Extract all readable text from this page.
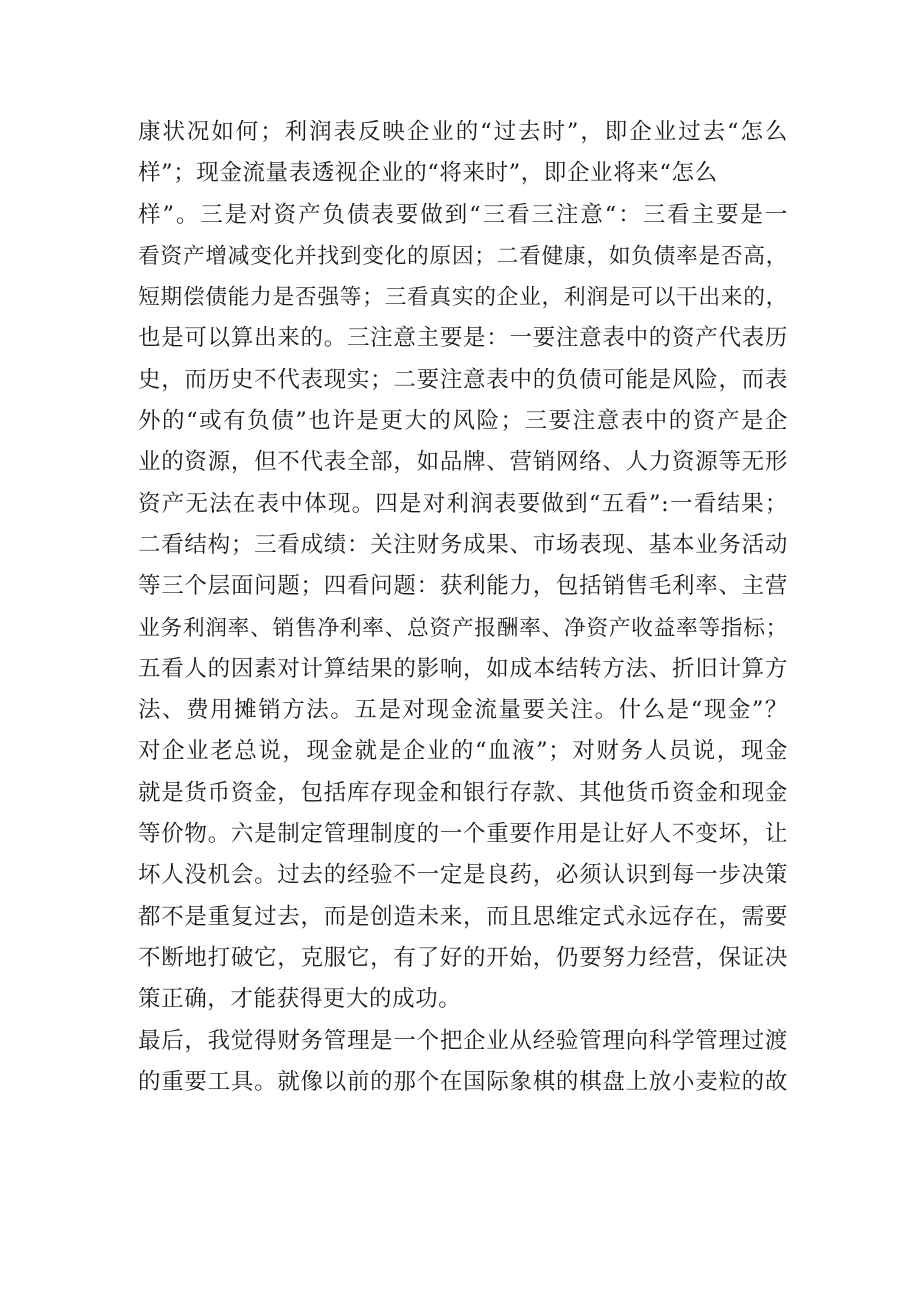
康状况如何；利润表反映企业的“过去时”，即企业过去“怎么
样”；现金流量表透视企业的“将来时”，即企业将来“怎么
样”。三是对资产负债表要做到“三看三注意“：三看主要是一
看资产增减变化并找到变化的原因；二看健康，如负债率是否高，
短期偿债能力是否强等；三看真实的企业，利润是可以干出来的，
也是可以算出来的。三注意主要是：一要注意表中的资产代表历
史，而历史不代表现实；二要注意表中的负债可能是风险，而表
外的“或有负债”也许是更大的风险；三要注意表中的资产是企
业的资源，但不代表全部，如品牌、营销网络、人力资源等无形
资产无法在表中体现。四是对利润表要做到“五看”:一看结果；
二看结构；三看成绩：关注财务成果、市场表现、基本业务活动
等三个层面问题；四看问题：获利能力，包括销售毛利率、主营
业务利润率、销售净利率、总资产报酬率、净资产收益率等指标；
五看人的因素对计算结果的影响，如成本结转方法、折旧计算方
法、费用摊销方法。五是对现金流量要关注。什么是“现金”？
对企业老总说，现金就是企业的“血液”；对财务人员说，现金
就是货币资金，包括库存现金和银行存款、其他货币资金和现金
等价物。六是制定管理制度的一个重要作用是让好人不变坏，让
坏人没机会。过去的经验不一定是良药，必须认识到每一步决策
都不是重复过去，而是创造未来，而且思维定式永远存在，需要
不断地打破它，克服它，有了好的开始，仍要努力经营，保证决
策正确，才能获得更大的成功。
最后，我觉得财务管理是一个把企业从经验管理向科学管理过渡
的重要工具。就像以前的那个在国际象棋的棋盘上放小麦粒的故
